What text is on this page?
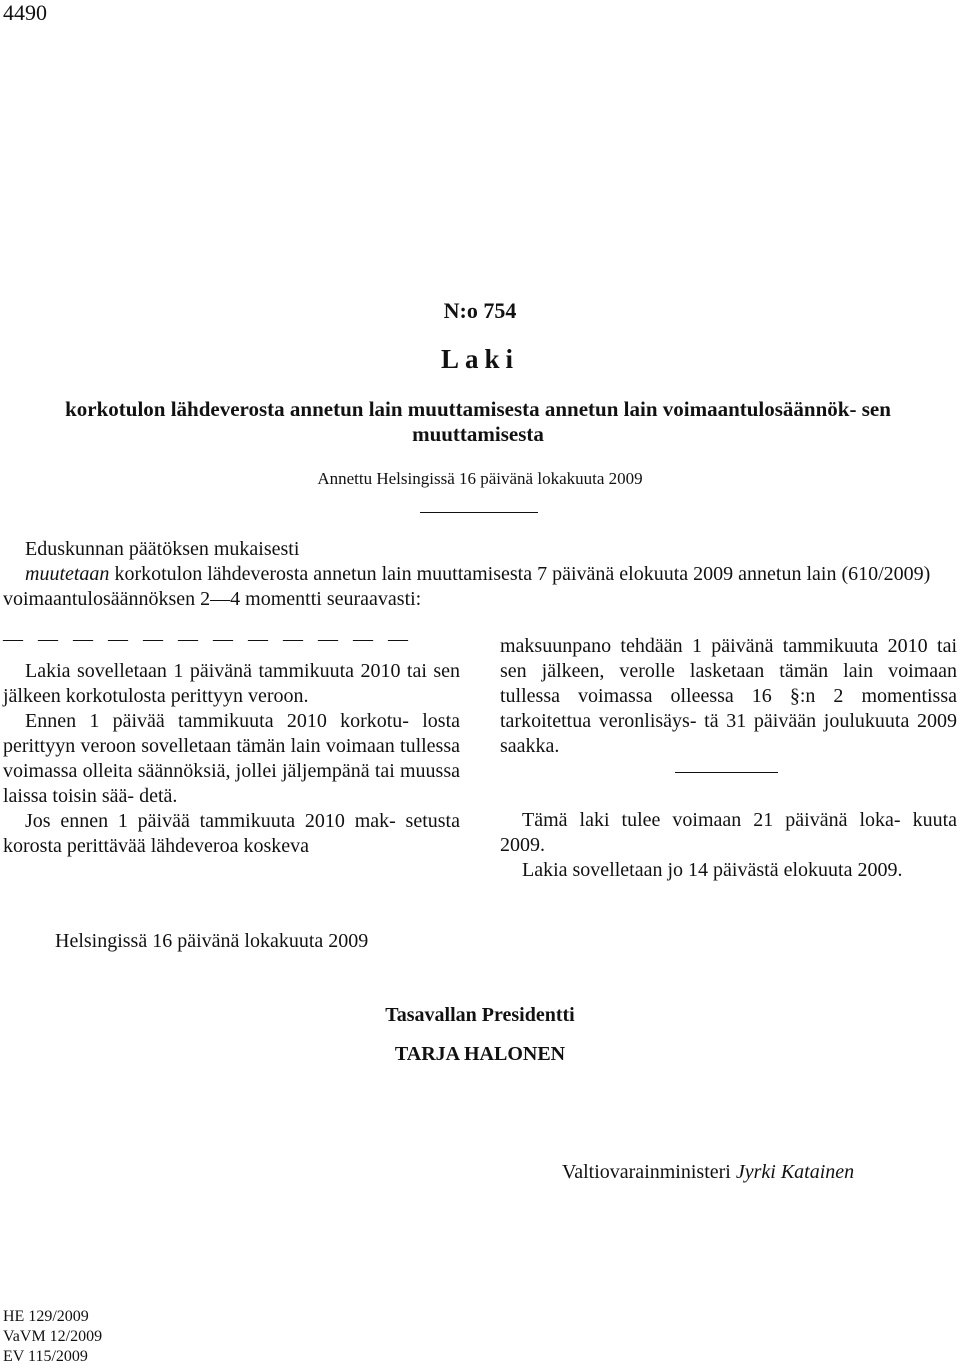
4490
N:o 754
Laki
korkotulon lähdeverosta annetun lain muuttamisesta annetun lain voimaantulosäännök- sen muuttamisesta
Annettu Helsingissä 16 päivänä lokakuuta 2009
Eduskunnan päätöksen mukaisesti
muutetaan korkotulon lähdeverosta annetun lain muuttamisesta 7 päivänä elokuuta 2009 annetun lain (610/2009) voimaantulosäännöksen 2—4 momentti seuraavasti:
— — — — — — — — — — — —

Lakia sovelletaan 1 päivänä tammikuuta 2010 tai sen jälkeen korkotulosta perittyyn veroon.

Ennen 1 päivää tammikuuta 2010 korkotu- losta perittyyn veroon sovelletaan tämän lain voimaan tullessa voimassa olleita säännöksiä, jollei jäljempänä tai muussa laissa toisin sää- detä.

Jos ennen 1 päivää tammikuuta 2010 mak- setusta korosta perittävää lähdeveroa koskeva

maksuunpano tehdään 1 päivänä tammikuuta 2010 tai sen jälkeen, verolle lasketaan tämän lain voimaan tullessa voimassa olleessa 16 §:n 2 momentissa tarkoitettua veronlisäys- tä 31 päivään joulukuuta 2009 saakka.

Tämä laki tulee voimaan 21 päivänä loka- kuuta 2009.

Lakia sovelletaan jo 14 päivästä elokuuta 2009.

Helsingissä 16 päivänä lokakuuta 2009
Tasavallan Presidentti
TARJA HALONEN
Valtiovarainministeri Jyrki Katainen
HE 129/2009
VaVM 12/2009
EV 115/2009
